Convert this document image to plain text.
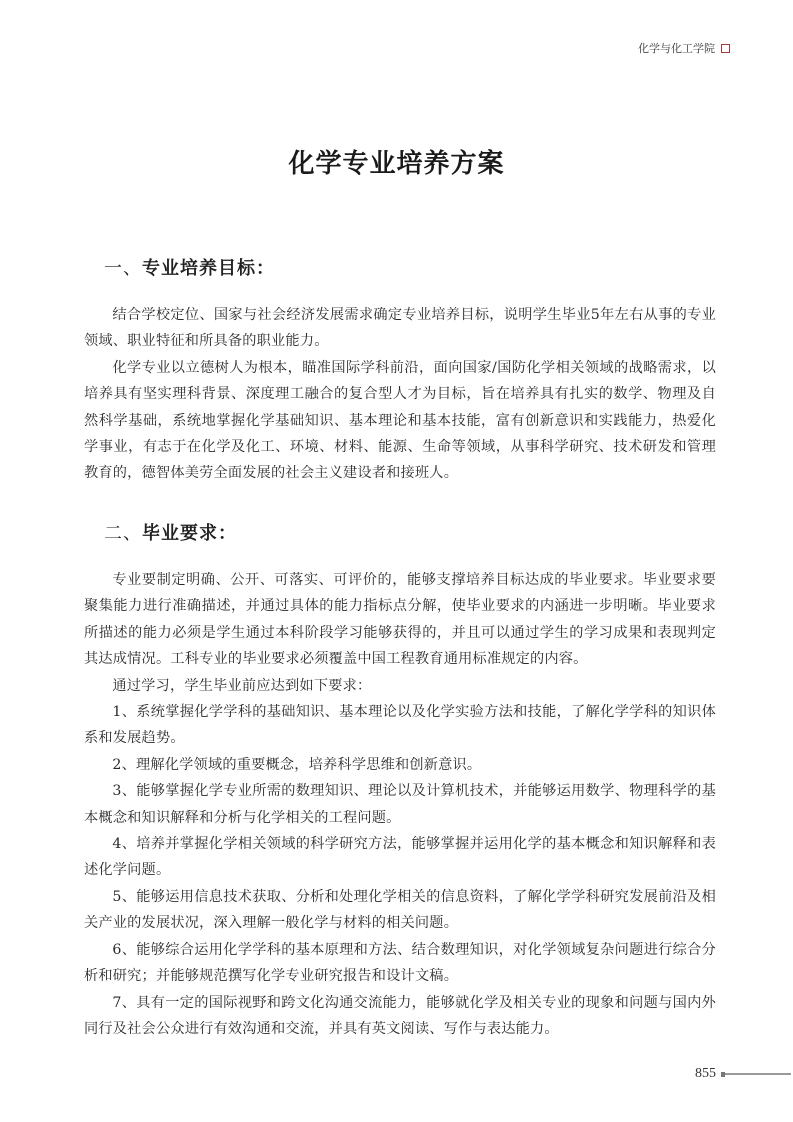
化学与化工学院
化学专业培养方案
一、专业培养目标：

结合学校定位、国家与社会经济发展需求确定专业培养目标，说明学生毕业5年左右从事的专业领域、职业特征和所具备的职业能力。

化学专业以立德树人为根本，瞄准国际学科前沿，面向国家/国防化学相关领域的战略需求，以培养具有坚实理科背景、深度理工融合的复合型人才为目标，旨在培养具有扎实的数学、物理及自然科学基础，系统地掌握化学基础知识、基本理论和基本技能，富有创新意识和实践能力，热爱化学事业，有志于在化学及化工、环境、材料、能源、生命等领域，从事科学研究、技术研发和管理教育的，德智体美劳全面发展的社会主义建设者和接班人。

二、毕业要求：

专业要制定明确、公开、可落实、可评价的，能够支撑培养目标达成的毕业要求。毕业要求要聚集能力进行准确描述，并通过具体的能力指标点分解，使毕业要求的内涵进一步明晰。毕业要求所描述的能力必须是学生通过本科阶段学习能够获得的，并且可以通过学生的学习成果和表现判定其达成情况。工科专业的毕业要求必须覆盖中国工程教育通用标准规定的内容。

通过学习，学生毕业前应达到如下要求：

1、系统掌握化学学科的基础知识、基本理论以及化学实验方法和技能，了解化学学科的知识体系和发展趋势。

2、理解化学领域的重要概念，培养科学思维和创新意识。

3、能够掌握化学专业所需的数理知识、理论以及计算机技术，并能够运用数学、物理科学的基本概念和知识解释和分析与化学相关的工程问题。

4、培养并掌握化学相关领域的科学研究方法，能够掌握并运用化学的基本概念和知识解释和表述化学问题。

5、能够运用信息技术获取、分析和处理化学相关的信息资料，了解化学学科研究发展前沿及相关产业的发展状况，深入理解一般化学与材料的相关问题。

6、能够综合运用化学学科的基本原理和方法、结合数理知识，对化学领域复杂问题进行综合分析和研究；并能够规范撰写化学专业研究报告和设计文稿。

7、具有一定的国际视野和跨文化沟通交流能力，能够就化学及相关专业的现象和问题与国内外同行及社会公众进行有效沟通和交流，并具有英文阅读、写作与表达能力。

855
